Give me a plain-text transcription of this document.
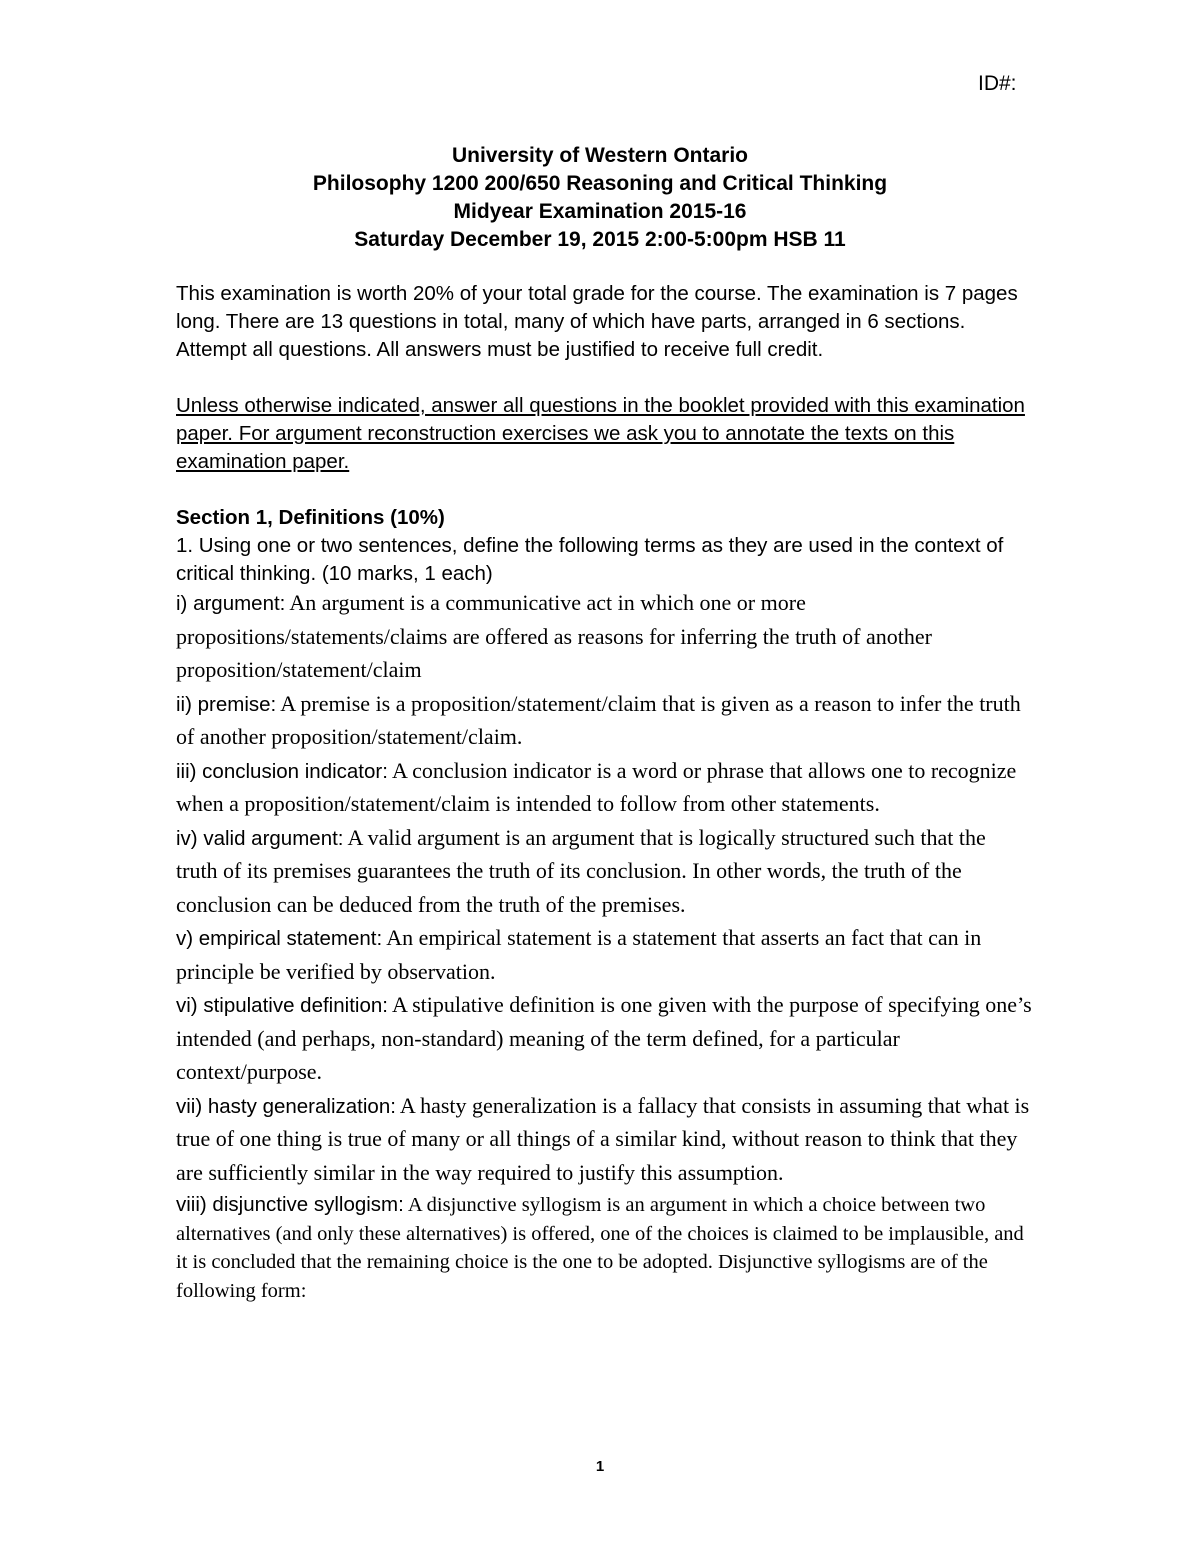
ID#:
University of Western Ontario
Philosophy 1200 200/650 Reasoning and Critical Thinking
Midyear Examination 2015-16
Saturday December 19, 2015 2:00-5:00pm HSB 11
This examination is worth 20% of your total grade for the course. The examination is 7 pages long. There are 13 questions in total, many of which have parts, arranged in 6 sections. Attempt all questions. All answers must be justified to receive full credit.
Unless otherwise indicated, answer all questions in the booklet provided with this examination paper. For argument reconstruction exercises we ask you to annotate the texts on this examination paper.
Section 1, Definitions (10%)
1. Using one or two sentences, define the following terms as they are used in the context of critical thinking. (10 marks, 1 each)

i) argument: An argument is a communicative act in which one or more propositions/statements/claims are offered as reasons for inferring the truth of another proposition/statement/claim

ii) premise: A premise is a proposition/statement/claim that is given as a reason to infer the truth of another proposition/statement/claim.

iii) conclusion indicator: A conclusion indicator is a word or phrase that allows one to recognize when a proposition/statement/claim is intended to follow from other statements.

iv) valid argument: A valid argument is an argument that is logically structured such that the truth of its premises guarantees the truth of its conclusion. In other words, the truth of the conclusion can be deduced from the truth of the premises.

v) empirical statement: An empirical statement is a statement that asserts an fact that can in principle be verified by observation.

vi) stipulative definition: A stipulative definition is one given with the purpose of specifying one’s intended (and perhaps, non-standard) meaning of the term defined, for a particular context/purpose.

vii) hasty generalization: A hasty generalization is a fallacy that consists in assuming that what is true of one thing is true of many or all things of a similar kind, without reason to think that they are sufficiently similar in the way required to justify this assumption.

viii) disjunctive syllogism: A disjunctive syllogism is an argument in which a choice between two alternatives (and only these alternatives) is offered, one of the choices is claimed to be implausible, and it is concluded that the remaining choice is the one to be adopted. Disjunctive syllogisms are of the following form:

1
